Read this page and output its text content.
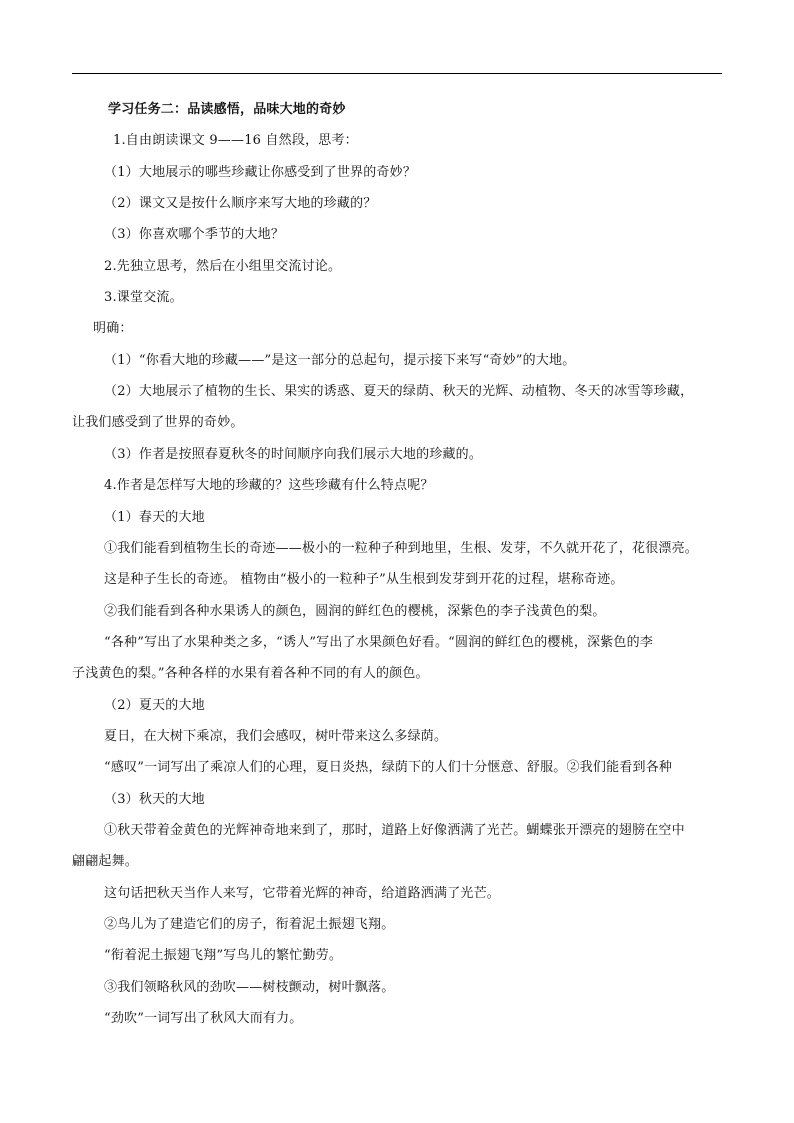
学习任务二：品读感悟，品味大地的奇妙
1.自由朗读课文 9——16 自然段，思考：
（1）大地展示的哪些珍藏让你感受到了世界的奇妙？
（2）课文又是按什么顺序来写大地的珍藏的？
（3）你喜欢哪个季节的大地？
2.先独立思考，然后在小组里交流讨论。
3.课堂交流。
明确：
（1）“你看大地的珍藏——”是这一部分的总起句，提示接下来写“奇妙”的大地。
（2）大地展示了植物的生长、果实的诱惑、夏天的绿荫、秋天的光辉、动植物、冬天的冰雪等珍藏，
让我们感受到了世界的奇妙。
（3）作者是按照春夏秋冬的时间顺序向我们展示大地的珍藏的。
4.作者是怎样写大地的珍藏的？这些珍藏有什么特点呢？
（1）春天的大地
①我们能看到植物生长的奇迹——极小的一粒种子种到地里，生根、发芽，不久就开花了，花很漂亮。
这是种子生长的奇迹。 植物由“极小的一粒种子”从生根到发芽到开花的过程，堪称奇迹。
②我们能看到各种水果诱人的颜色，圆润的鲜红色的樱桃，深紫色的李子浅黄色的梨。
“各种”写出了水果种类之多，“诱人”写出了水果颜色好看。“圆润的鲜红色的樱桃，深紫色的李
子浅黄色的梨。”各种各样的水果有着各种不同的有人的颜色。
（2）夏天的大地
夏日，在大树下乘凉，我们会感叹，树叶带来这么多绿荫。
“感叹”一词写出了乘凉人们的心理，夏日炎热，绿荫下的人们十分惬意、舒服。②我们能看到各种
（3）秋天的大地
①秋天带着金黄色的光辉神奇地来到了，那时，道路上好像洒满了光芒。蝴蝶张开漂亮的翅膀在空中
翩翩起舞。
这句话把秋天当作人来写，它带着光辉的神奇，给道路洒满了光芒。
②鸟儿为了建造它们的房子，衔着泥土振翅飞翔。
“衔着泥土振翅飞翔”写鸟儿的繁忙勤劳。
③我们领略秋风的劲吹——树枝颤动，树叶飘落。
“劲吹”一词写出了秋风大而有力。
